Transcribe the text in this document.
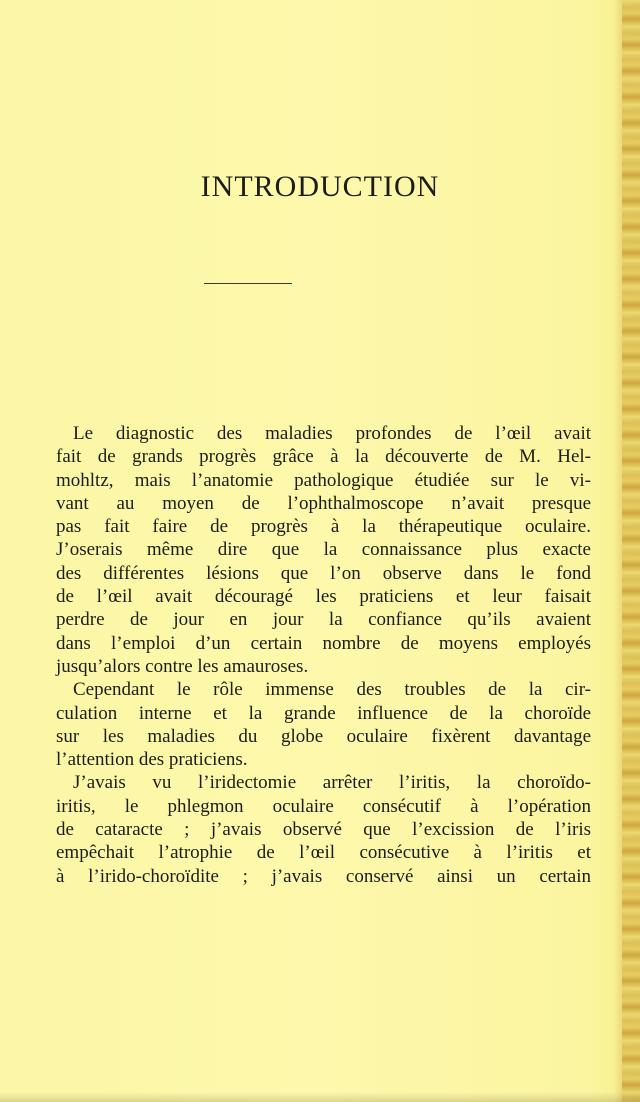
INTRODUCTION
Le diagnostic des maladies profondes de l’œil avait
fait de grands progrès grâce à la découverte de M. Hel-
mohltz, mais l’anatomie pathologique étudiée sur le vi-
vant au moyen de l’ophthalmoscope n’avait presque
pas fait faire de progrès à la thérapeutique oculaire.
J’oserais même dire que la connaissance plus exacte
des différentes lésions que l’on observe dans le fond
de l’œil avait découragé les praticiens et leur faisait
perdre de jour en jour la confiance qu’ils avaient
dans l’emploi d’un certain nombre de moyens employés
jusqu’alors contre les amauroses.
Cependant le rôle immense des troubles de la cir-
culation interne et la grande influence de la choroïde
sur les maladies du globe oculaire fixèrent davantage
l’attention des praticiens.
J’avais vu l’iridectomie arrêter l’iritis, la choroïdo-
iritis, le phlegmon oculaire consécutif à l’opération
de cataracte ; j’avais observé que l’excission de l’iris
empêchait l’atrophie de l’œil consécutive à l’iritis et
à l’irido-choroïdite ; j’avais conservé ainsi un certain
